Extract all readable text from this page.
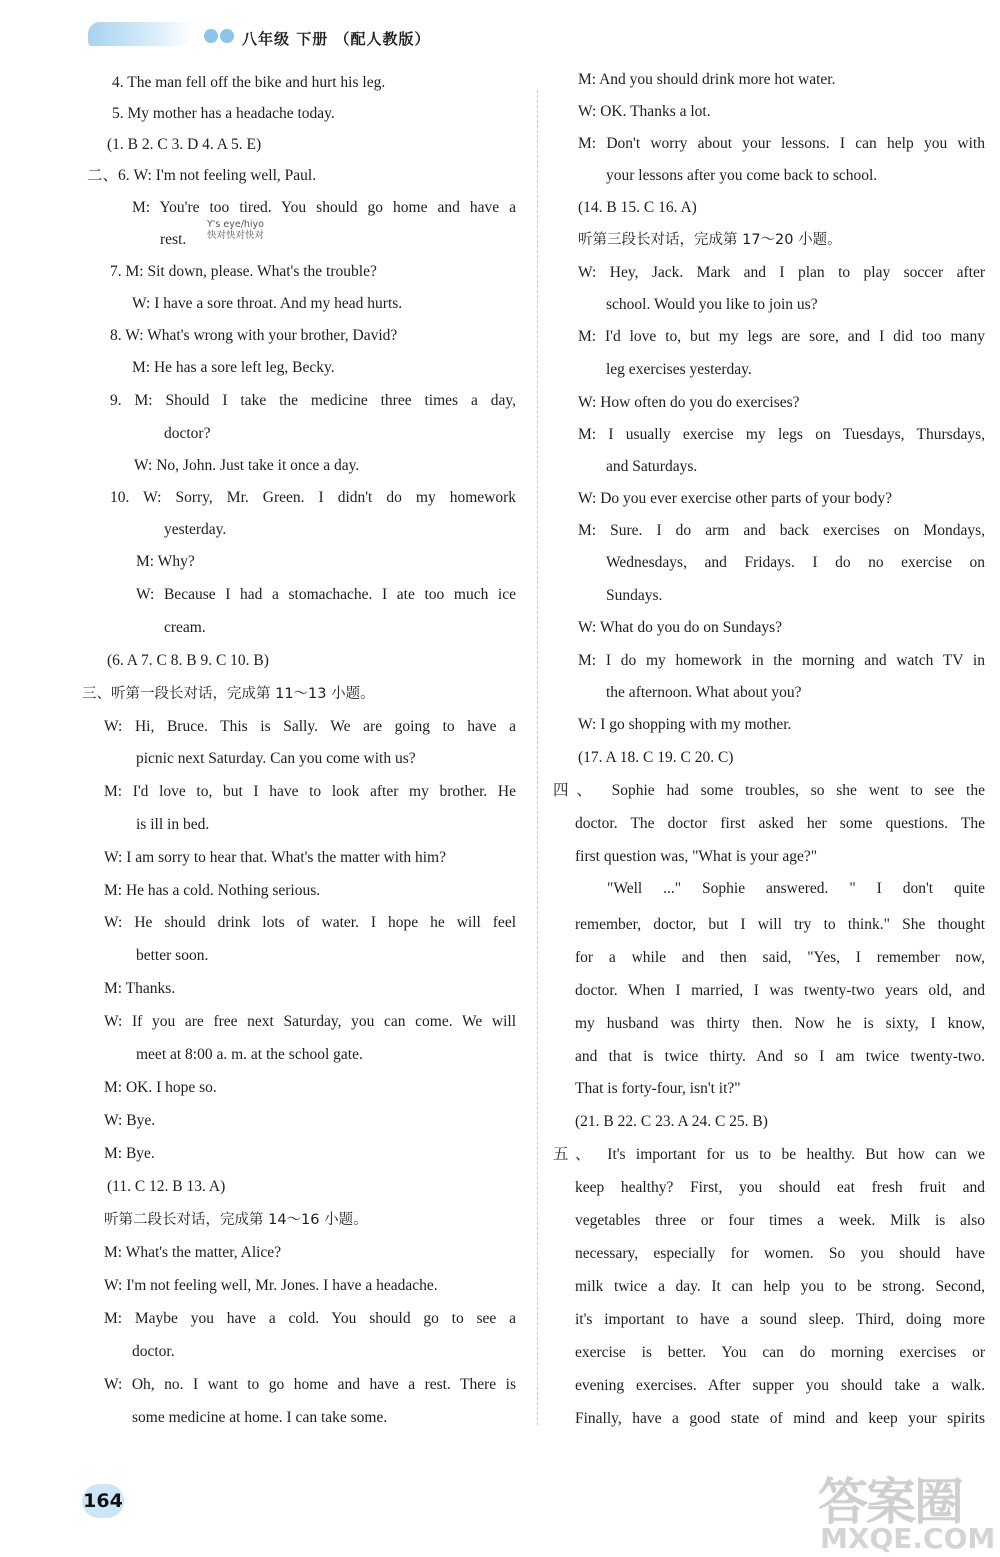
八年级 下册 （配人教版）
4. The man fell off the bike and hurt his leg.
5. My mother has a headache today.
(1. B 2. C 3. D 4. A 5. E)
二、6. W: I'm not feeling well, Paul.
M: You're too tired. You should go home and have a
rest.
7. M: Sit down, please. What's the trouble?
W: I have a sore throat. And my head hurts.
8. W: What's wrong with your brother, David?
M: He has a sore left leg, Becky.
9. M: Should I take the medicine three times a day,
doctor?
W: No, John. Just take it once a day.
10. W: Sorry, Mr. Green. I didn't do my homework
yesterday.
M: Why?
W: Because I had a stomachache. I ate too much ice
cream.
(6. A 7. C 8. B 9. C 10. B)
三、听第一段长对话，完成第 11～13 小题。
W: Hi, Bruce. This is Sally. We are going to have a
picnic next Saturday. Can you come with us?
M: I'd love to, but I have to look after my brother. He
is ill in bed.
W: I am sorry to hear that. What's the matter with him?
M: He has a cold. Nothing serious.
W: He should drink lots of water. I hope he will feel
better soon.
M: Thanks.
W: If you are free next Saturday, you can come. We will
meet at 8:00 a. m. at the school gate.
M: OK. I hope so.
W: Bye.
M: Bye.
(11. C 12. B 13. A)
听第二段长对话，完成第 14～16 小题。
M: What's the matter, Alice?
W: I'm not feeling well, Mr. Jones. I have a headache.
M: Maybe you have a cold. You should go to see a
doctor.
W: Oh, no. I want to go home and have a rest. There is
some medicine at home. I can take some.
Y's eye/hiyo
快对快对快对
M: And you should drink more hot water.
W: OK. Thanks a lot.
M: Don't worry about your lessons. I can help you with
your lessons after you come back to school.
(14. B 15. C 16. A)
听第三段长对话，完成第 17～20 小题。
W: Hey, Jack. Mark and I plan to play soccer after
school. Would you like to join us?
M: I'd love to, but my legs are sore, and I did too many
leg exercises yesterday.
W: How often do you do exercises?
M: I usually exercise my legs on Tuesdays, Thursdays,
and Saturdays.
W: Do you ever exercise other parts of your body?
M: Sure. I do arm and back exercises on Mondays,
Wednesdays, and Fridays. I do no exercise on
Sundays.
W: What do you do on Sundays?
M: I do my homework in the morning and watch TV in
the afternoon. What about you?
W: I go shopping with my mother.
(17. A 18. C 19. C 20. C)
四、 Sophie had some troubles, so she went to see the
doctor. The doctor first asked her some questions. The
first question was, "What is your age?"
"Well ..." Sophie answered. " I don't quite
remember, doctor, but I will try to think." She thought
for a while and then said, "Yes, I remember now,
doctor. When I married, I was twenty-two years old, and
my husband was thirty then. Now he is sixty, I know,
and that is twice thirty. And so I am twice twenty-two.
That is forty-four, isn't it?"
(21. B 22. C 23. A 24. C 25. B)
五、 It's important for us to be healthy. But how can we
keep healthy? First, you should eat fresh fruit and
vegetables three or four times a week. Milk is also
necessary, especially for women. So you should have
milk twice a day. It can help you to be strong. Second,
it's important to have a sound sleep. Third, doing more
exercise is better. You can do morning exercises or
evening exercises. After supper you should take a walk.
Finally, have a good state of mind and keep your spirits
164	答案圈
MXQE.COM
